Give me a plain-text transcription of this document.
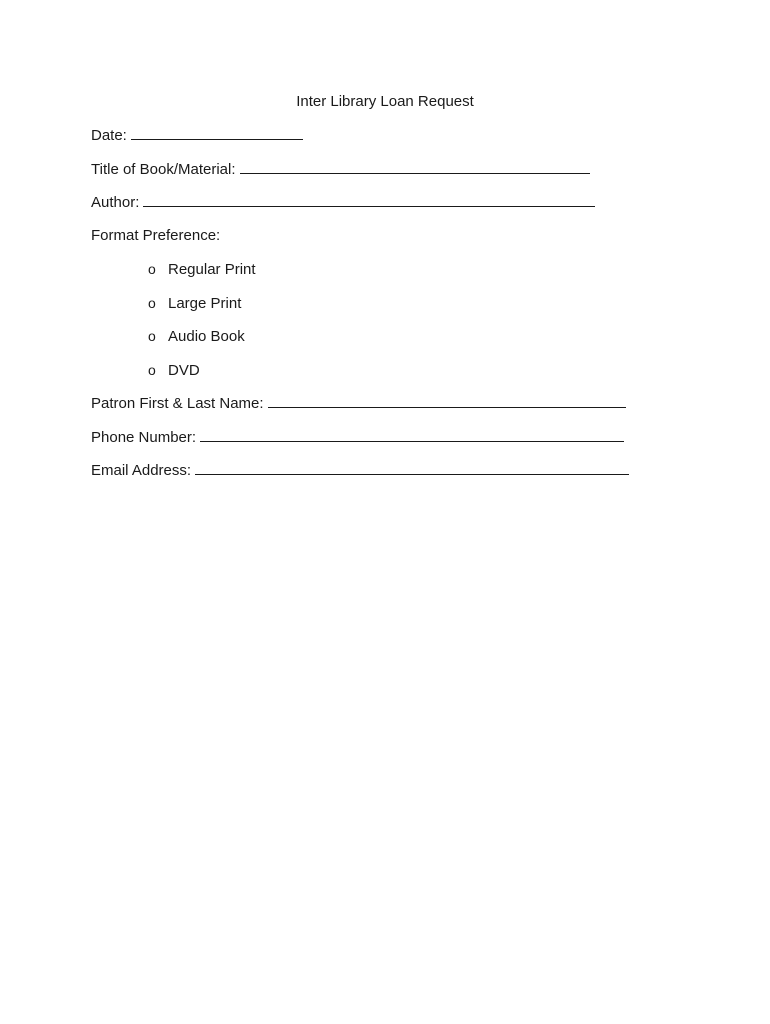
Inter Library Loan Request
Date:
Title of Book/Material:
Author:
Format Preference:
o Regular Print
o Large Print
o Audio Book
o DVD
Patron First & Last Name:
Phone Number:
Email Address:
